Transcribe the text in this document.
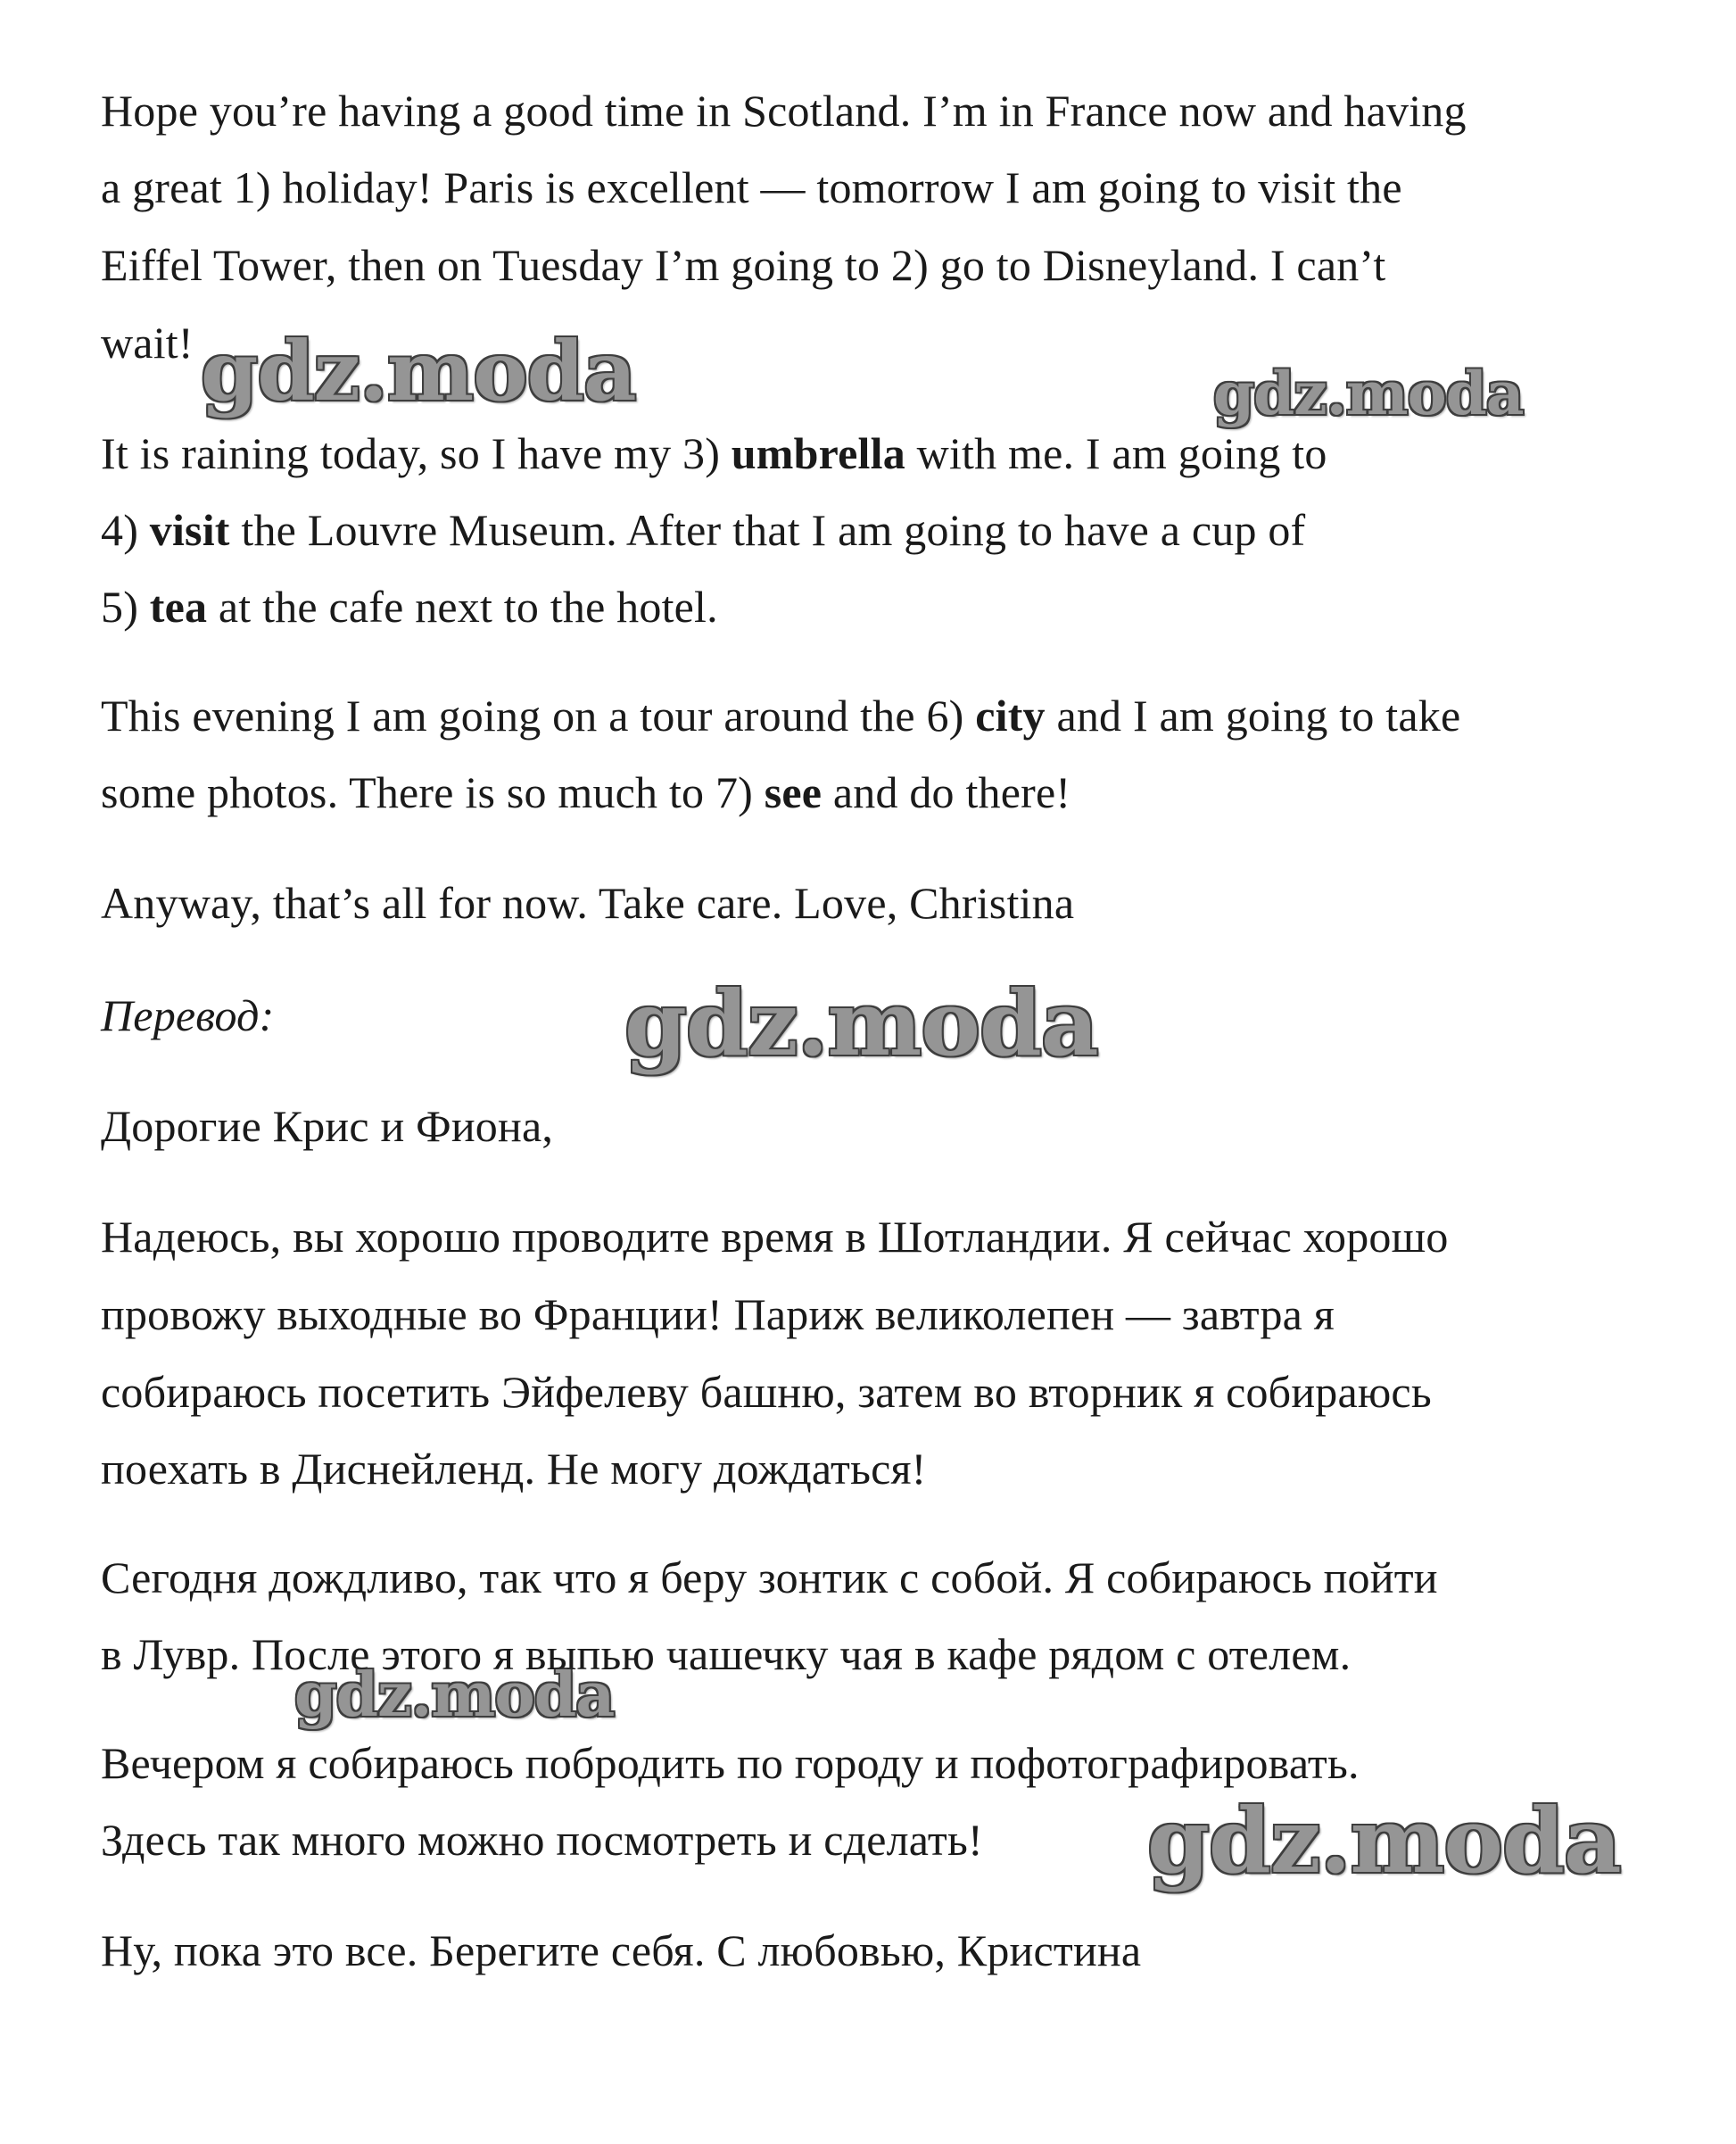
Hope you’re having a good time in Scotland. I’m in France now and having
a great 1) holiday! Paris is excellent — tomorrow I am going to visit the
Eiffel Tower, then on Tuesday I’m going to 2) go to Disneyland. I can’t
wait!
It is raining today, so I have my 3) umbrella with me. I am going to
4) visit the Louvre Museum. After that I am going to have a cup of
5) tea at the cafe next to the hotel.
This evening I am going on a tour around the 6) city and I am going to take
some photos. There is so much to 7) see and do there!
Anyway, that’s all for now. Take care. Love, Christina
Перевод:
Дорогие Крис и Фиона,
Надеюсь, вы хорошо проводите время в Шотландии. Я сейчас хорошо
провожу выходные во Франции! Париж великолепен — завтра я
собираюсь посетить Эйфелеву башню, затем во вторник я собираюсь
поехать в Диснейленд. Не могу дождаться!
Сегодня дождливо, так что я беру зонтик с собой. Я собираюсь пойти
в Лувр. После этого я выпью чашечку чая в кафе рядом с отелем.
Вечером я собираюсь побродить по городу и пофотографировать.
Здесь так много можно посмотреть и сделать!
Ну, пока это все. Берегите себя. С любовью, Кристина
gdz.moda	gdz.moda
gdz.moda
gdz.moda
gdz.moda
